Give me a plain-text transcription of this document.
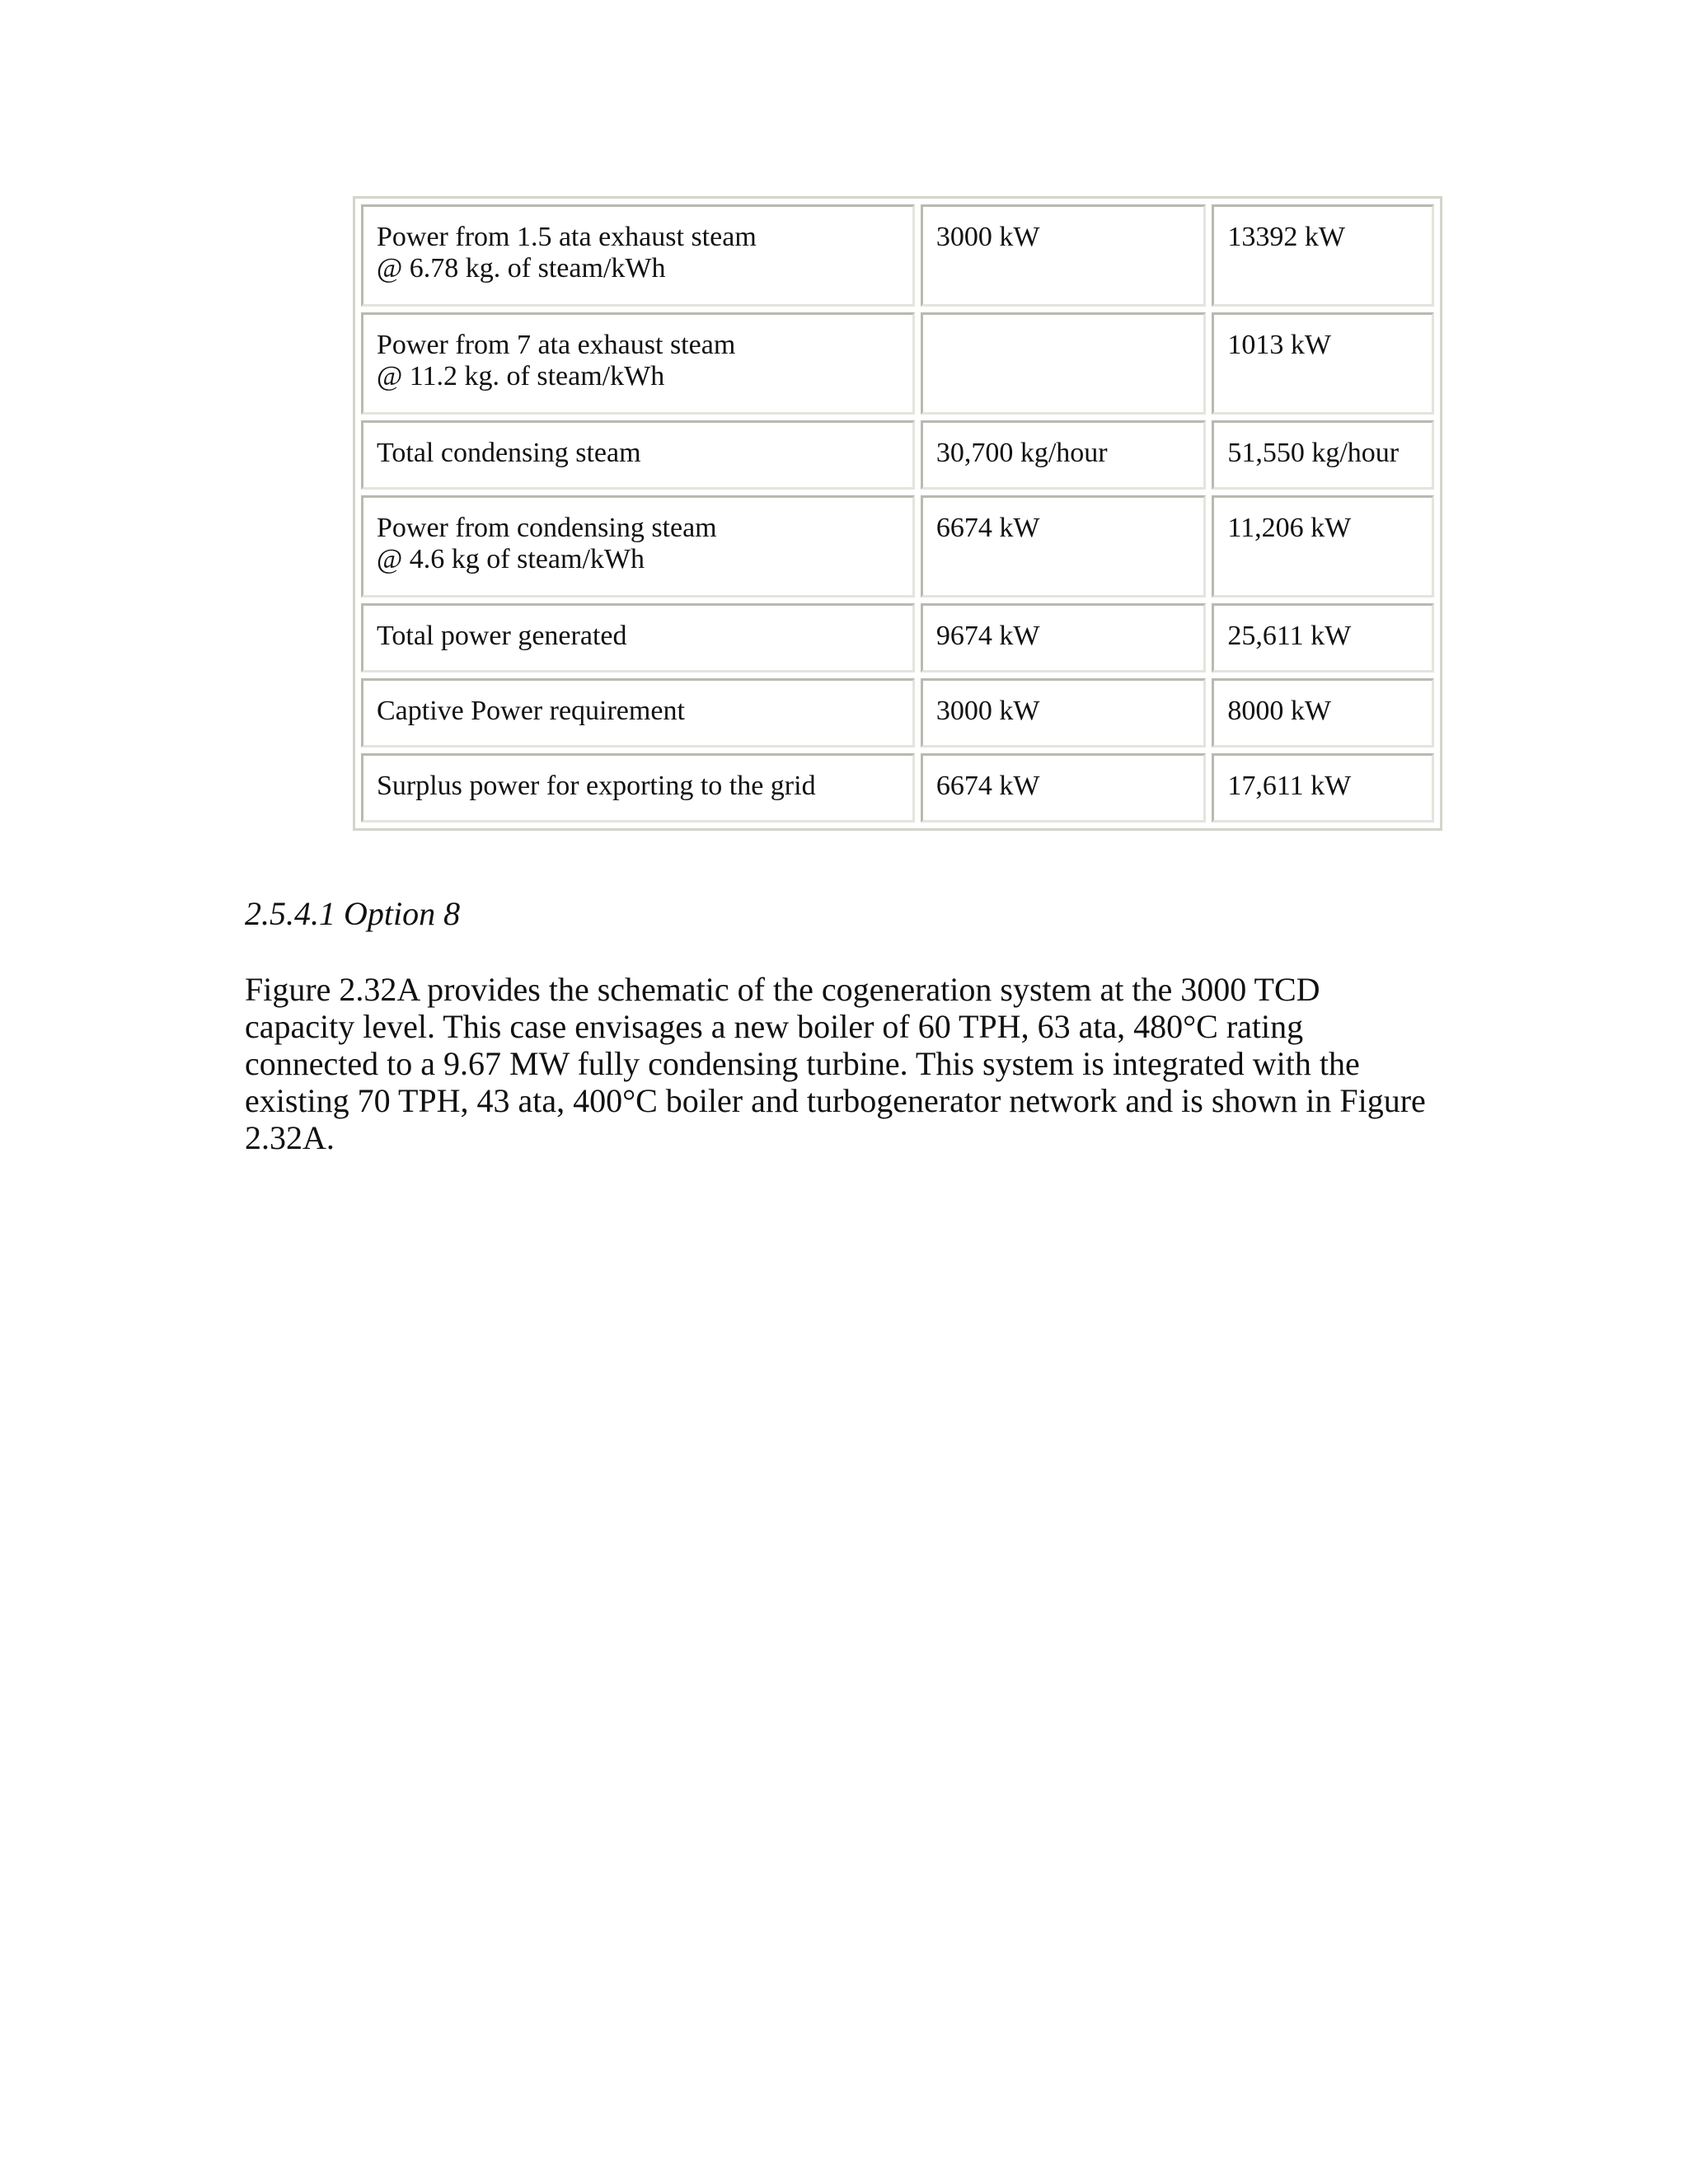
Power from 1.5 ata exhaust steam
@ 6.78 kg. of steam/kWh	3000 kW	13392 kW

Power from 7 ata exhaust steam
@ 11.2 kg. of steam/kWh		1013 kW

Total condensing steam	30,700 kg/hour	51,550 kg/hour

Power from condensing steam
@ 4.6 kg of steam/kWh	6674 kW	11,206 kW

Total power generated	9674 kW	25,611 kW

Captive Power requirement	3000 kW	8000 kW

Surplus power for exporting to the grid	6674 kW	17,611 kW
2.5.4.1 Option 8

Figure 2.32A provides the schematic of the cogeneration system at the 3000 TCD
capacity level. This case envisages a new boiler of 60 TPH, 63 ata, 480°C rating
connected to a 9.67 MW fully condensing turbine. This system is integrated with the
existing 70 TPH, 43 ata, 400°C boiler and turbogenerator network and is shown in Figure
2.32A.
